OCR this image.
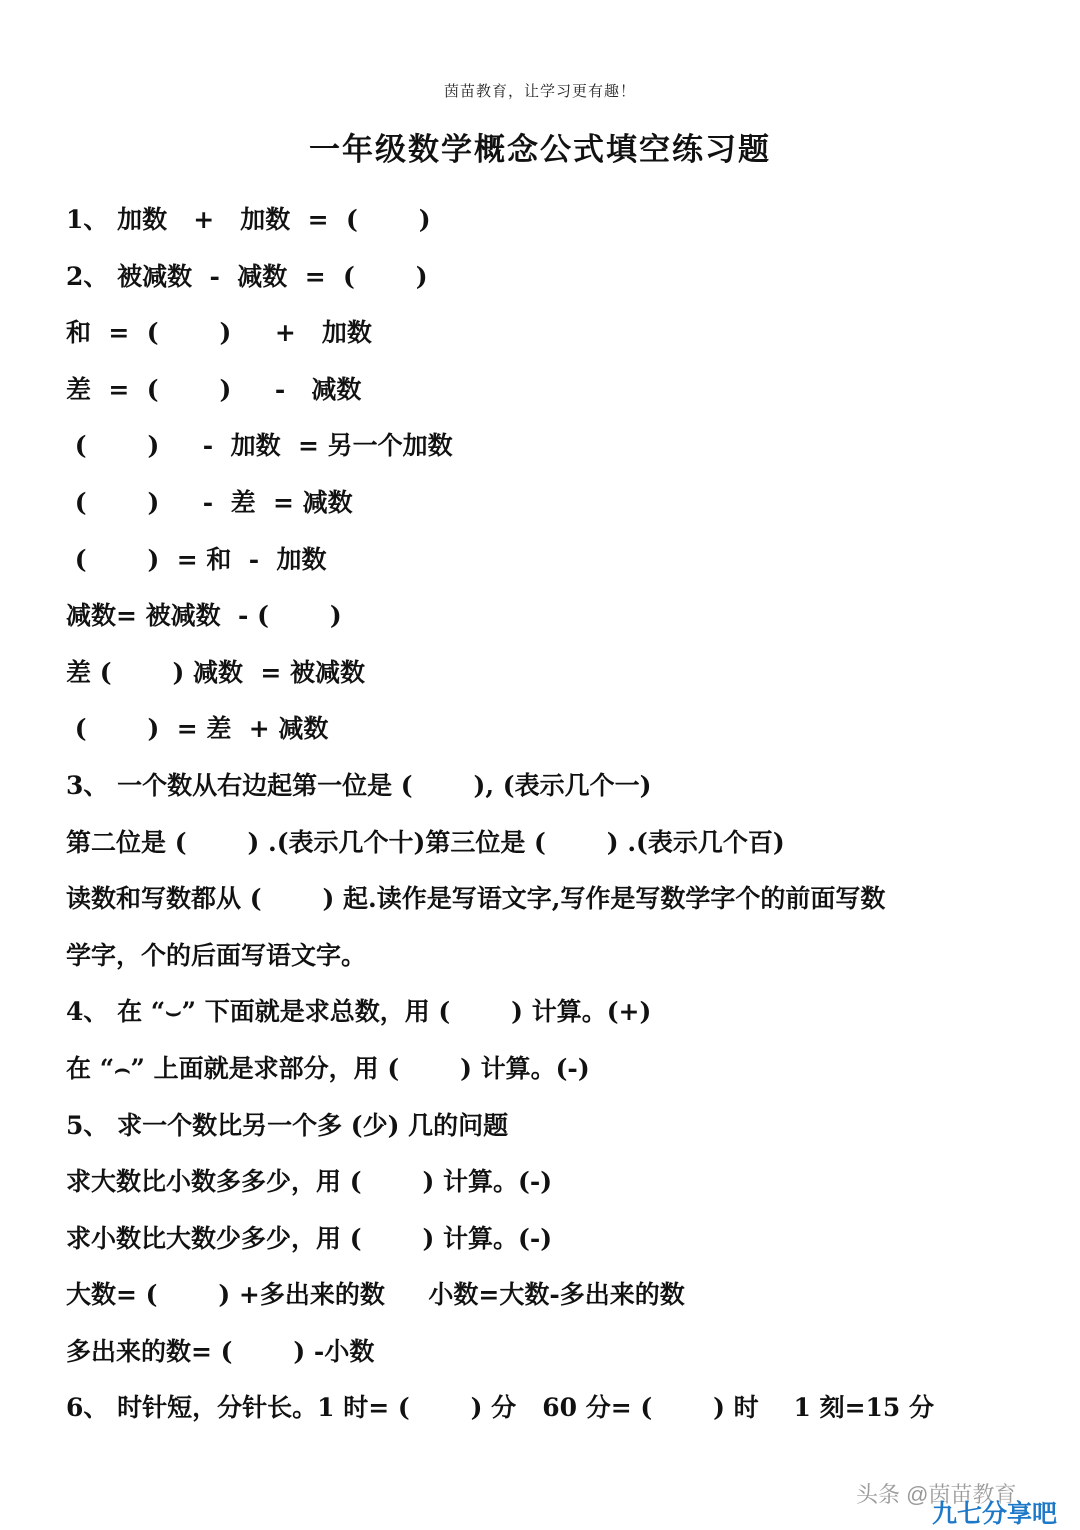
茵苗教育，让学习更有趣！
一年级数学概念公式填空练习题
1、 加数   +   加数  =  (       )
2、 被减数  -  减数  =  (       )
和  =  (       )     +   加数
差  =  (       )     -   减数
(       )     -  加数  = 另一个加数
(       )     -  差  = 减数
(       )  = 和  -  加数
减数= 被减数  - (       )
差 (       ) 减数  = 被减数
(       )  = 差  + 减数
3、 一个数从右边起第一位是 (       ), (表示几个一)
第二位是 (       ) .(表示几个十)第三位是 (       ) .(表示几个百)
读数和写数都从 (       ) 起.读作是写语文字,写作是写数学字个的前面写数
学字，个的后面写语文字。
4、 在 “⌣” 下面就是求总数，用 (       ) 计算。(+)
在 “⌢” 上面就是求部分，用 (       ) 计算。(-)
5、 求一个数比另一个多 (少) 几的问题
求大数比小数多多少，用 (       ) 计算。(-)
求小数比大数少多少，用 (       ) 计算。(-)
大数= (       ) +多出来的数     小数=大数-多出来的数
多出来的数= (       ) -小数
6、 时针短，分针长。1 时= (       ) 分   60 分= (       ) 时    1 刻=15 分
头条 @茵苗教育
九七分享吧
